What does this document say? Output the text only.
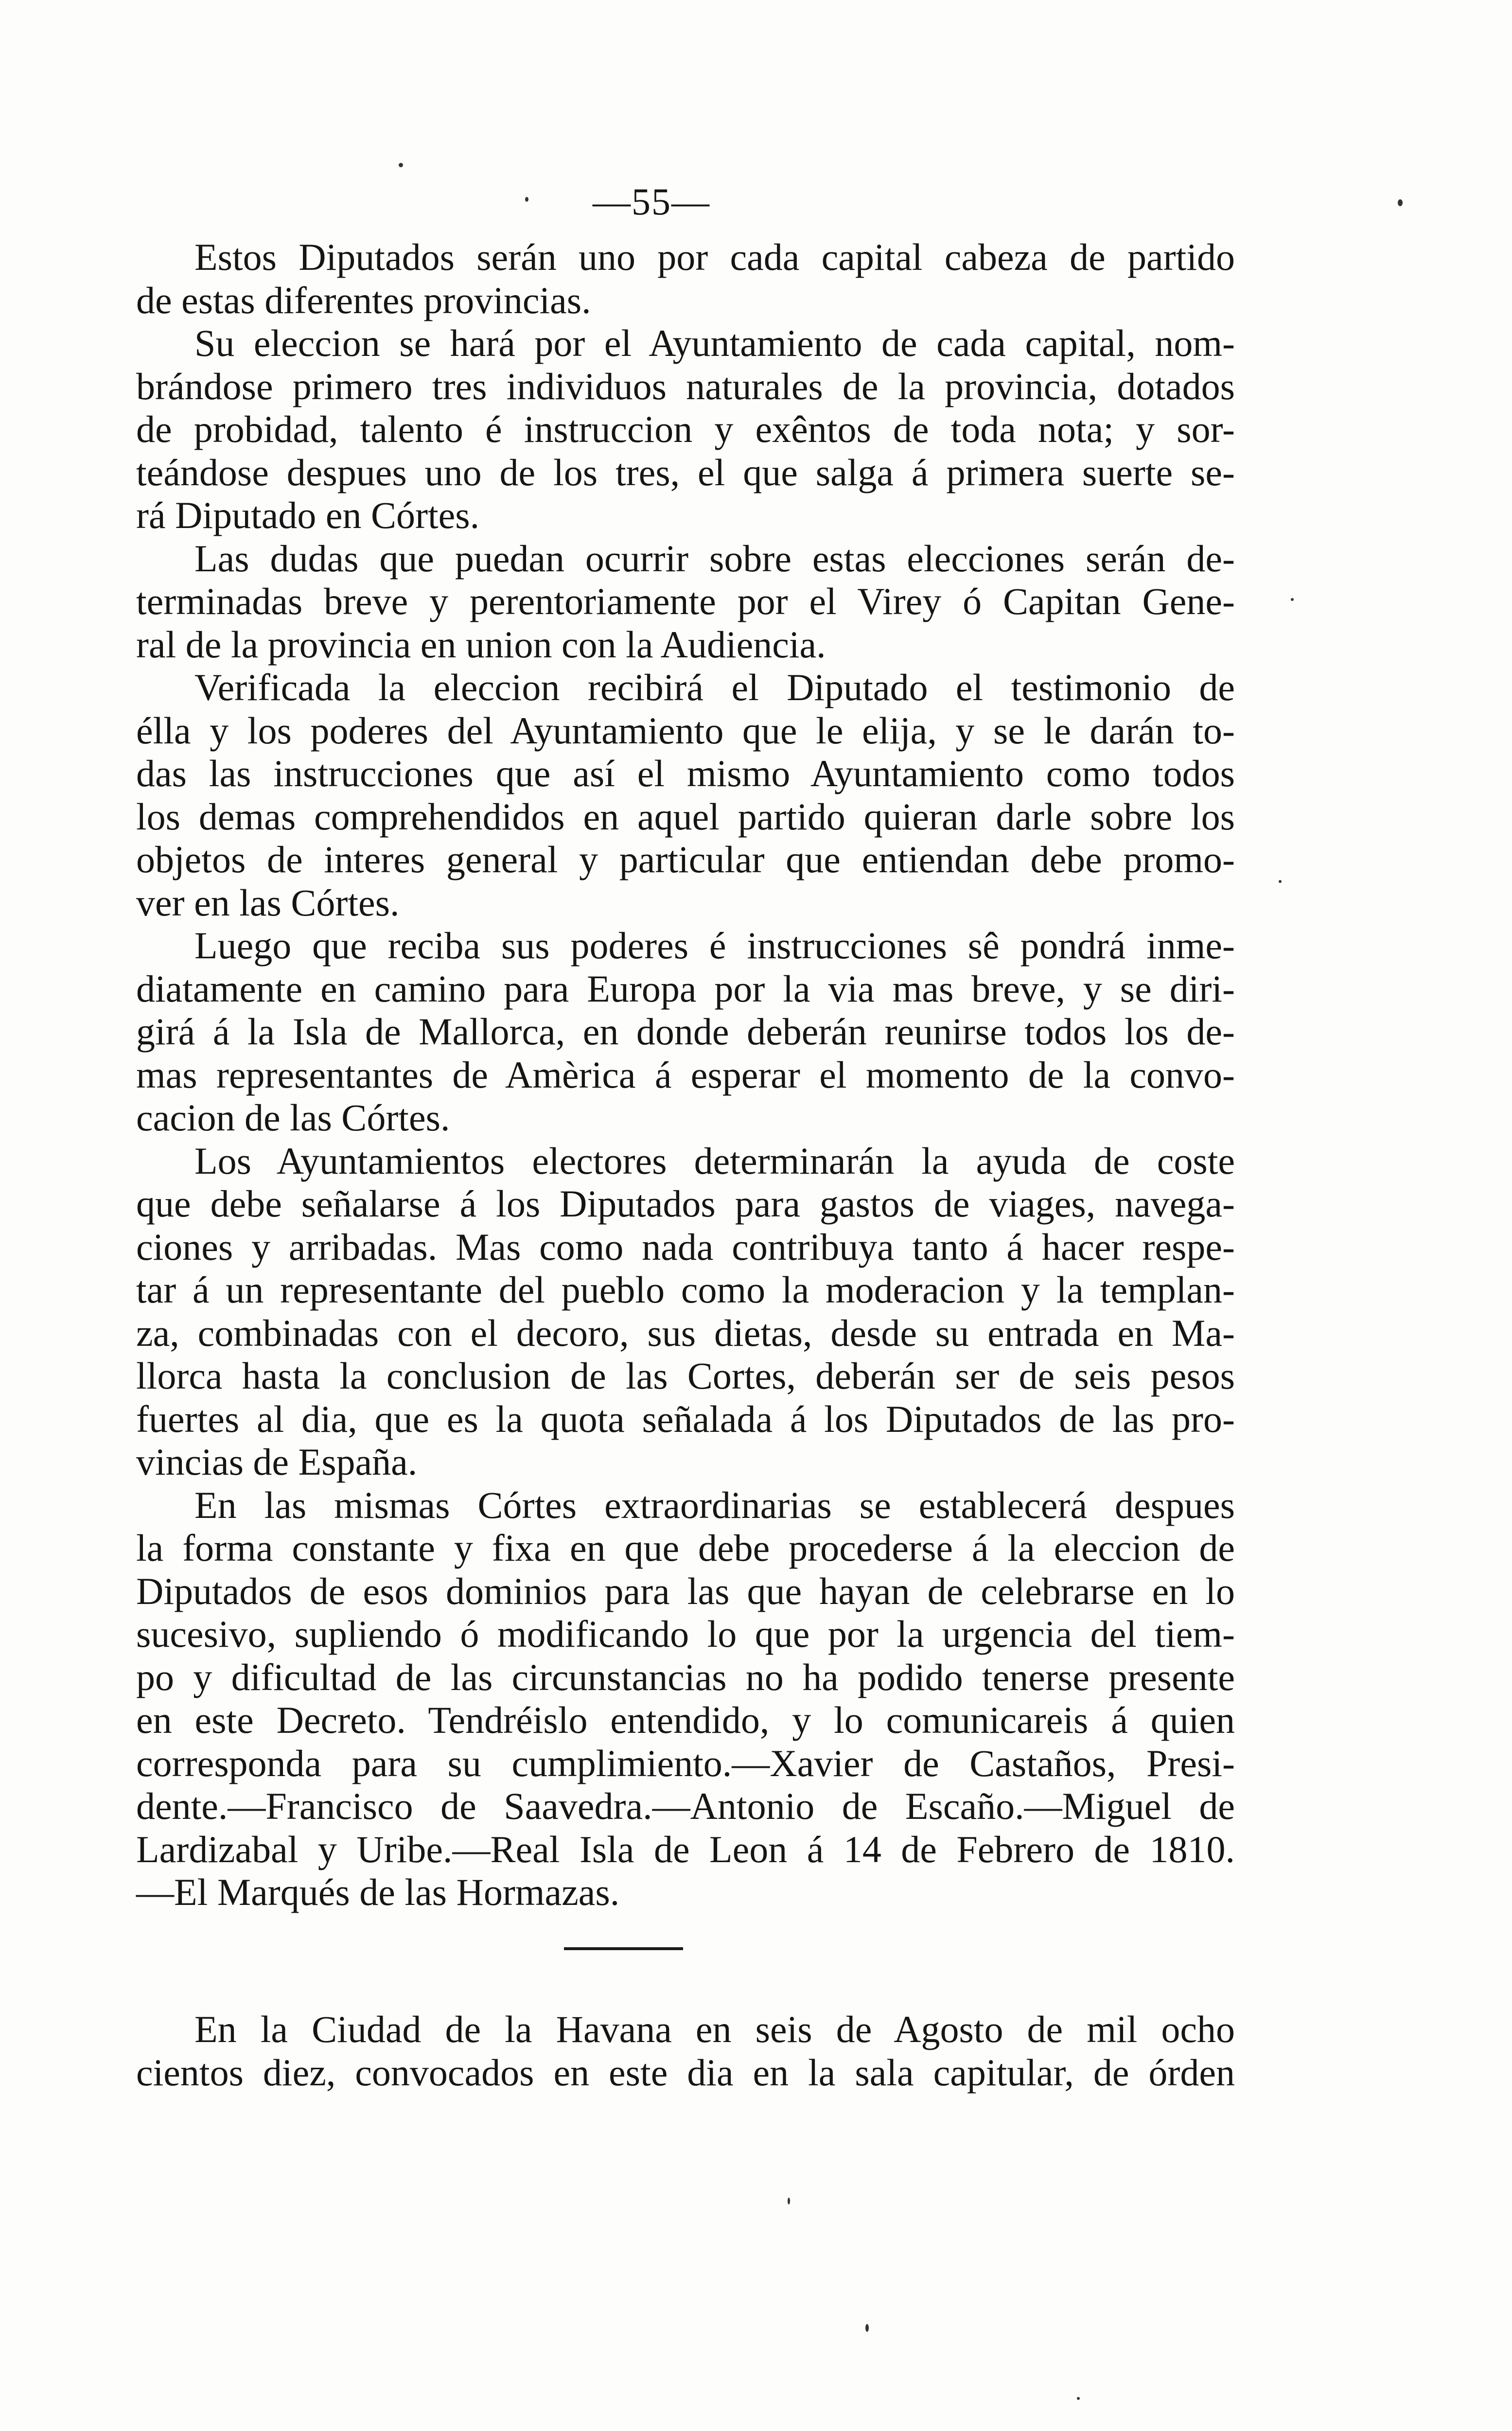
—55—
Estos Diputados serán uno por cada capital cabeza de partido
de estas diferentes provincias.
Su eleccion se hará por el Ayuntamiento de cada capital, nom-
brándose primero tres individuos naturales de la provincia, dotados
de probidad, talento é instruccion y exêntos de toda nota; y sor-
teándose despues uno de los tres, el que salga á primera suerte se-
rá Diputado en Córtes.
Las dudas que puedan ocurrir sobre estas elecciones serán de-
terminadas breve y perentoriamente por el Virey ó Capitan Gene-
ral de la provincia en union con la Audiencia.
Verificada la eleccion recibirá el Diputado el testimonio de
élla y los poderes del Ayuntamiento que le elija, y se le darán to-
das las instrucciones que así el mismo Ayuntamiento como todos
los demas comprehendidos en aquel partido quieran darle sobre los
objetos de interes general y particular que entiendan debe promo-
ver en las Córtes.
Luego que reciba sus poderes é instrucciones sê pondrá inme-
diatamente en camino para Europa por la via mas breve, y se diri-
girá á la Isla de Mallorca, en donde deberán reunirse todos los de-
mas representantes de Amèrica á esperar el momento de la convo-
cacion de las Córtes.
Los Ayuntamientos electores determinarán la ayuda de coste
que debe señalarse á los Diputados para gastos de viages, navega-
ciones y arribadas. Mas como nada contribuya tanto á hacer respe-
tar á un representante del pueblo como la moderacion y la templan-
za, combinadas con el decoro, sus dietas, desde su entrada en Ma-
llorca hasta la conclusion de las Cortes, deberán ser de seis pesos
fuertes al dia, que es la quota señalada á los Diputados de las pro-
vincias de España.
En las mismas Córtes extraordinarias se establecerá despues
la forma constante y fixa en que debe procederse á la eleccion de
Diputados de esos dominios para las que hayan de celebrarse en lo
sucesivo, supliendo ó modificando lo que por la urgencia del tiem-
po y dificultad de las circunstancias no ha podido tenerse presente
en este Decreto. Tendréislo entendido, y lo comunicareis á quien
corresponda para su cumplimiento.—Xavier de Castaños, Presi-
dente.—Francisco de Saavedra.—Antonio de Escaño.—Miguel de
Lardizabal y Uribe.—Real Isla de Leon á 14 de Febrero de 1810.
—El Marqués de las Hormazas.
En la Ciudad de la Havana en seis de Agosto de mil ocho
cientos diez, convocados en este dia en la sala capitular, de órden
